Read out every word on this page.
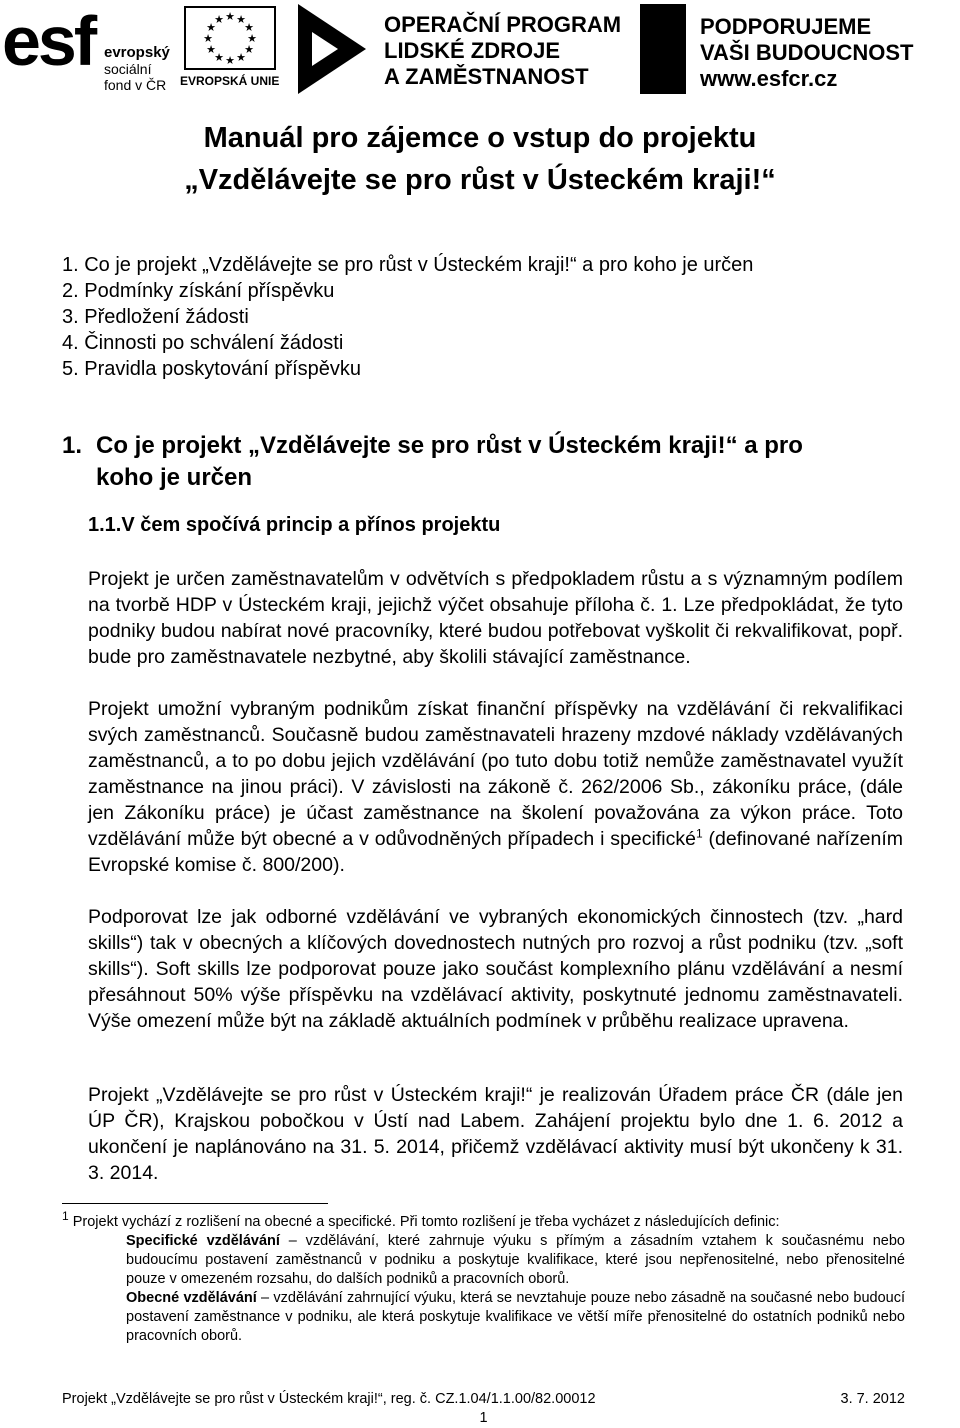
esf evropský
sociální
fond v ČR
★ ★
★
★
★
★
★
★
★
★
★
★
EVROPSKÁ UNIE
OPERAČNÍ PROGRAM
LIDSKÉ ZDROJE
A ZAMĚSTNANOST
PODPORUJEME
VAŠI BUDOUCNOST
www.esfcr.cz
Manuál pro zájemce o vstup do projektu
„Vzdělávejte se pro růst v Ústeckém kraji!“
1. Co je projekt „Vzdělávejte se pro růst v Ústeckém kraji!“ a pro koho je určen
2. Podmínky získání příspěvku
3. Předložení žádosti
4. Činnosti po schválení žádosti
5. Pravidla poskytování příspěvku
1. Co je projekt „Vzdělávejte se pro růst v Ústeckém kraji!“ a pro
koho je určen
1.1.V čem spočívá princip a přínos projektu

Projekt je určen zaměstnavatelům v odvětvích s předpokladem růstu a s významným podílem na tvorbě HDP v Ústeckém kraji, jejichž výčet obsahuje příloha č. 1. Lze předpokládat, že tyto podniky budou nabírat nové pracovníky, které budou potřebovat vyškolit či rekvalifikovat, popř. bude pro zaměstnavatele nezbytné, aby školili stávající zaměstnance.

Projekt umožní vybraným podnikům získat finanční příspěvky na vzdělávání či rekvalifikaci svých zaměstnanců. Současně budou zaměstnavateli hrazeny mzdové náklady vzdělávaných zaměstnanců, a to po dobu jejich vzdělávání (po tuto dobu totiž nemůže zaměstnavatel využít zaměstnance na jinou práci). V závislosti na zákoně č. 262/2006 Sb., zákoníku práce, (dále jen Zákoníku práce) je účast zaměstnance na školení považována za výkon práce. Toto vzdělávání může být obecné a v odůvodněných případech i specifické$^1$ (definované nařízením Evropské komise č. 800/200).

Podporovat lze jak odborné vzdělávání ve vybraných ekonomických činnostech (tzv. „hard skills“) tak v obecných a klíčových dovednostech nutných pro rozvoj a růst podniku (tzv. „soft skills“). Soft skills lze podporovat pouze jako součást komplexního plánu vzdělávání a nesmí přesáhnout 50% výše příspěvku na vzdělávací aktivity, poskytnuté jednomu zaměstnavateli. Výše omezení může být na základě aktuálních podmínek v průběhu realizace upravena.

Projekt „Vzdělávejte se pro růst v Ústeckém kraji!“ je realizován Úřadem práce ČR (dále jen ÚP ČR), Krajskou pobočkou v Ústí nad Labem. Zahájení projektu bylo dne 1. 6. 2012 a ukončení je naplánováno na 31. 5. 2014, přičemž vzdělávací aktivity musí být ukončeny k 31. 3. 2014.

$^1$ Projekt vychází z rozlišení na obecné a specifické. Při tomto rozlišení je třeba vycházet z následujících definic:

Specifické vzdělávání – vzdělávání, které zahrnuje výuku s přímým a zásadním vztahem k současnému nebo budoucímu postavení zaměstnanců v podniku a poskytuje kvalifikace, které jsou nepřenositelné, nebo přenositelné pouze v omezeném rozsahu, do dalších podniků a pracovních oborů.

Obecné vzdělávání – vzdělávání zahrnující výuku, která se nevztahuje pouze nebo zásadně na současné nebo budoucí postavení zaměstnance v podniku, ale která poskytuje kvalifikace ve větší míře přenositelné do ostatních podniků nebo pracovních oborů.

Projekt „Vzdělávejte se pro růst v Ústeckém kraji!“, reg. č. CZ.1.04/1.1.00/82.00012	3. 7. 2012
1
